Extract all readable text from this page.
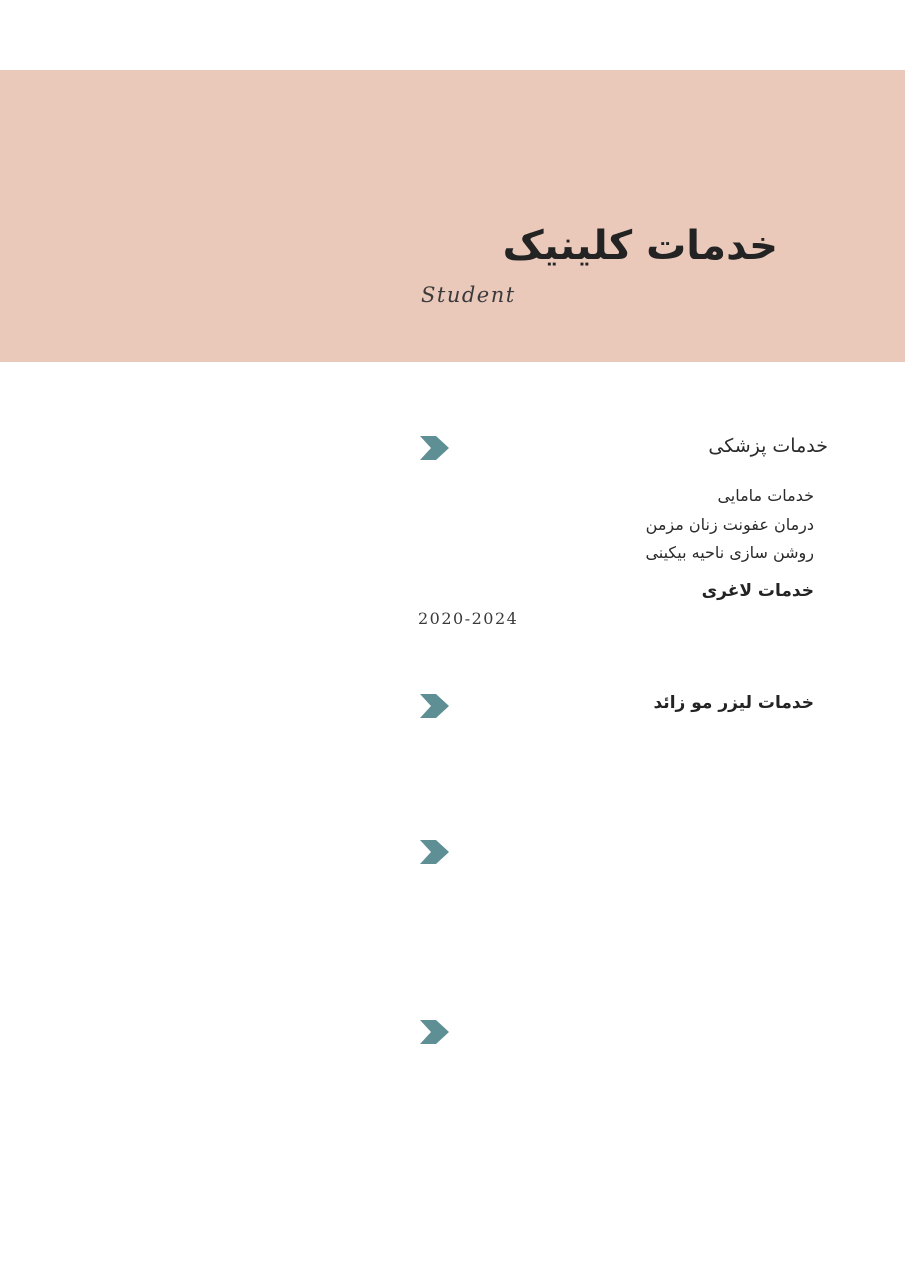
خدمات کلینیک
Student
خدمات پزشکی
خدمات مامایی
درمان عفونت زنان مزمن
روشن سازی ناحیه بیکینی
خدمات لاغری
2020-2024
خدمات لیزر مو زائد
